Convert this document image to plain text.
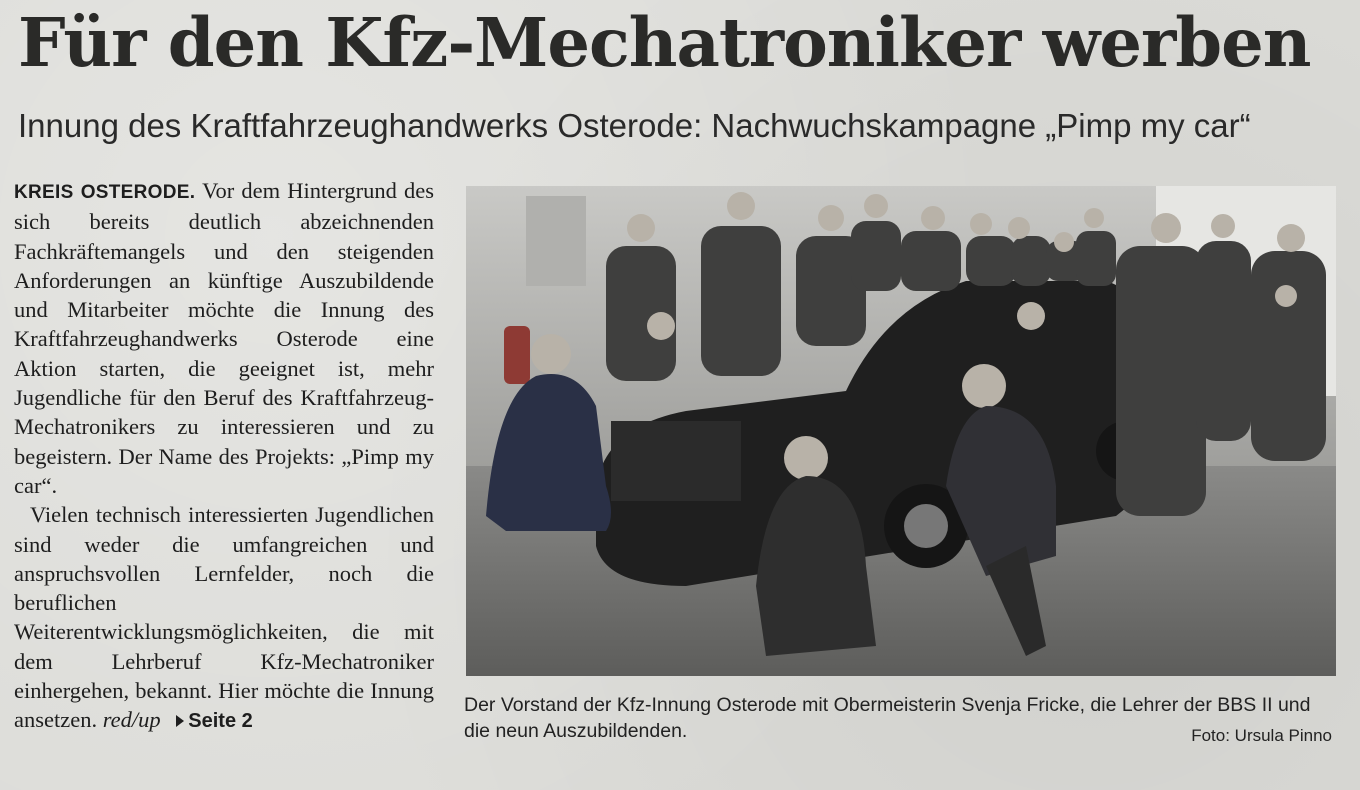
Für den Kfz-Mechatroniker werben
Innung des Kraftfahrzeughandwerks Osterode: Nachwuchskampagne „Pimp my car“

KREIS OSTERODE. Vor dem Hintergrund des sich bereits deutlich abzeichnenden Fachkräftemangels und den steigenden Anforderungen an künftige Auszubildende und Mitarbeiter möchte die Innung des Kraftfahrzeughandwerks Osterode eine Aktion starten, die geeignet ist, mehr Jugendliche für den Beruf des Kraftfahrzeug-Mechatronikers zu interessieren und zu begeistern. Der Name des Projekts: „Pimp my car“.

Vielen technisch interessierten Jugendlichen sind weder die umfangreichen und anspruchsvollen Lernfelder, noch die beruflichen Weiterentwicklungsmöglichkeiten, die mit dem Lehrberuf Kfz-Mechatroniker einhergehen, bekannt. Hier möchte die Innung ansetzen. red/up Seite 2

Der Vorstand der Kfz-Innung Osterode mit Obermeisterin Svenja Fricke, die Lehrer der BBS II und die neun Auszubildenden.	Foto: Ursula Pinno
